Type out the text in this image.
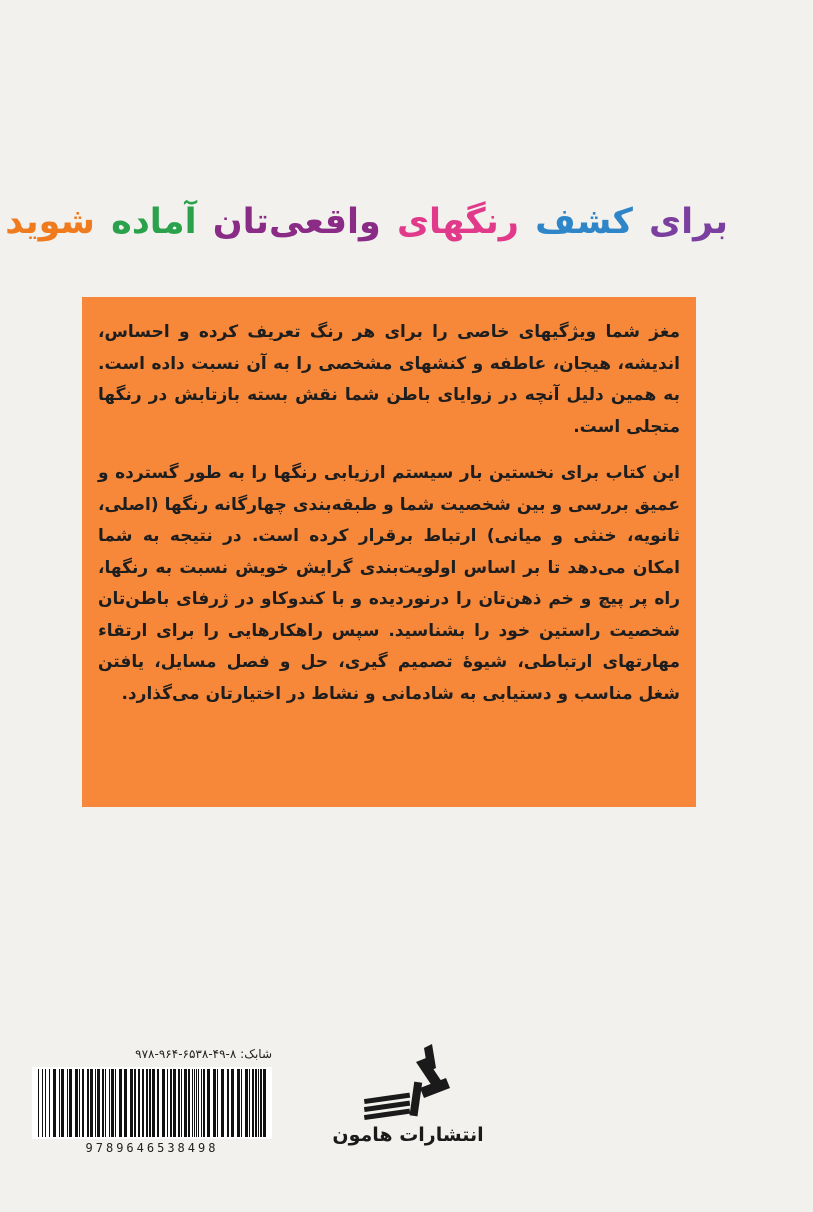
برای کشف رنگهای واقعی‌تان آماده شوید

مغز شما ویژگیهای خاصی را برای هر رنگ تعریف کرده و احساس، اندیشه، هیجان، عاطفه و کنشهای مشخصی را به آن نسبت داده است. به همین دلیل آنچه در زوایای باطن شما نقش بسته بازتابش در رنگها متجلی است.

این کتاب برای نخستین بار سیستم ارزیابی رنگها را به طور گسترده و عمیق بررسی و بین شخصیت شما و طبقه‌بندی چهارگانه رنگها (اصلی، ثانویه، خنثی و میانی) ارتباط برقرار کرده است. در نتیجه به شما امکان می‌دهد تا بر اساس اولویت‌بندی گرایش خویش نسبت به رنگها، راه پر پیچ و خم ذهن‌تان را درنوردیده و با کندوکاو در ژرفای باطن‌تان شخصیت راستین خود را بشناسید. سپس راهکارهایی را برای ارتقاء مهارتهای ارتباطی، شیوهٔ تصمیم گیری، حل و فصل مسایل، یافتن شغل مناسب و دستیابی به شادمانی و نشاط در اختیارتان می‌گذارد.

شابک: ۸-۴۹-۶۵۳۸-۹۶۴-۹۷۸
9789646538498
انتشارات هامون
